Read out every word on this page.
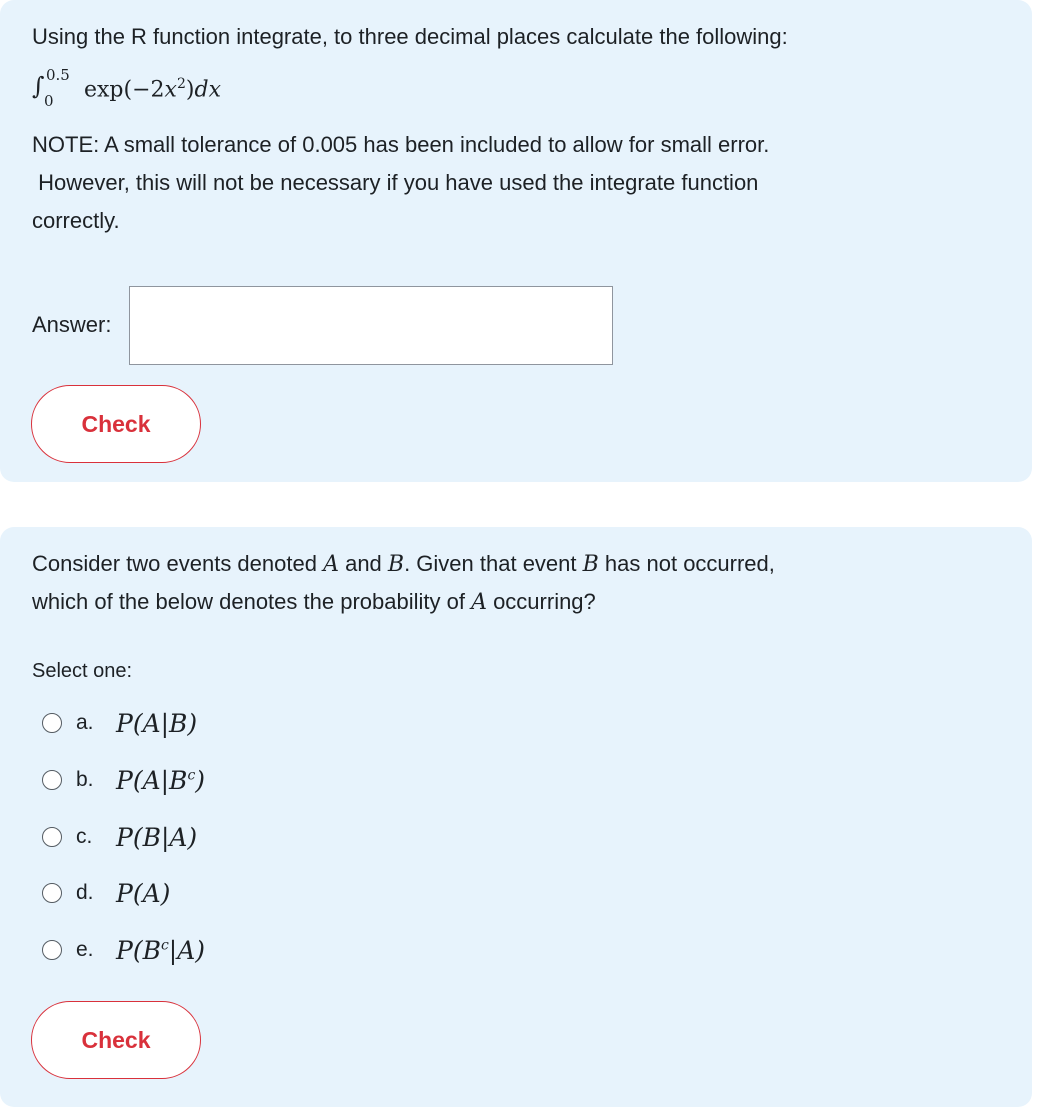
Using the R function integrate, to three decimal places calculate the following:
∫ 0.5
0 $\exp(-2x^2)dx$
NOTE: A small tolerance of 0.005 has been included to allow for small error.
However, this will not be necessary if you have used the integrate function
correctly.
Answer:
Check
Consider two events denoted A and B. Given that event B has not occurred,
which of the below denotes the probability of A occurring?
Select one:
a. P(A|B)
b. $P(A|B^c)$
c. P(B|A)
d. P(A)
e. $P(B^c|A)$
Check
